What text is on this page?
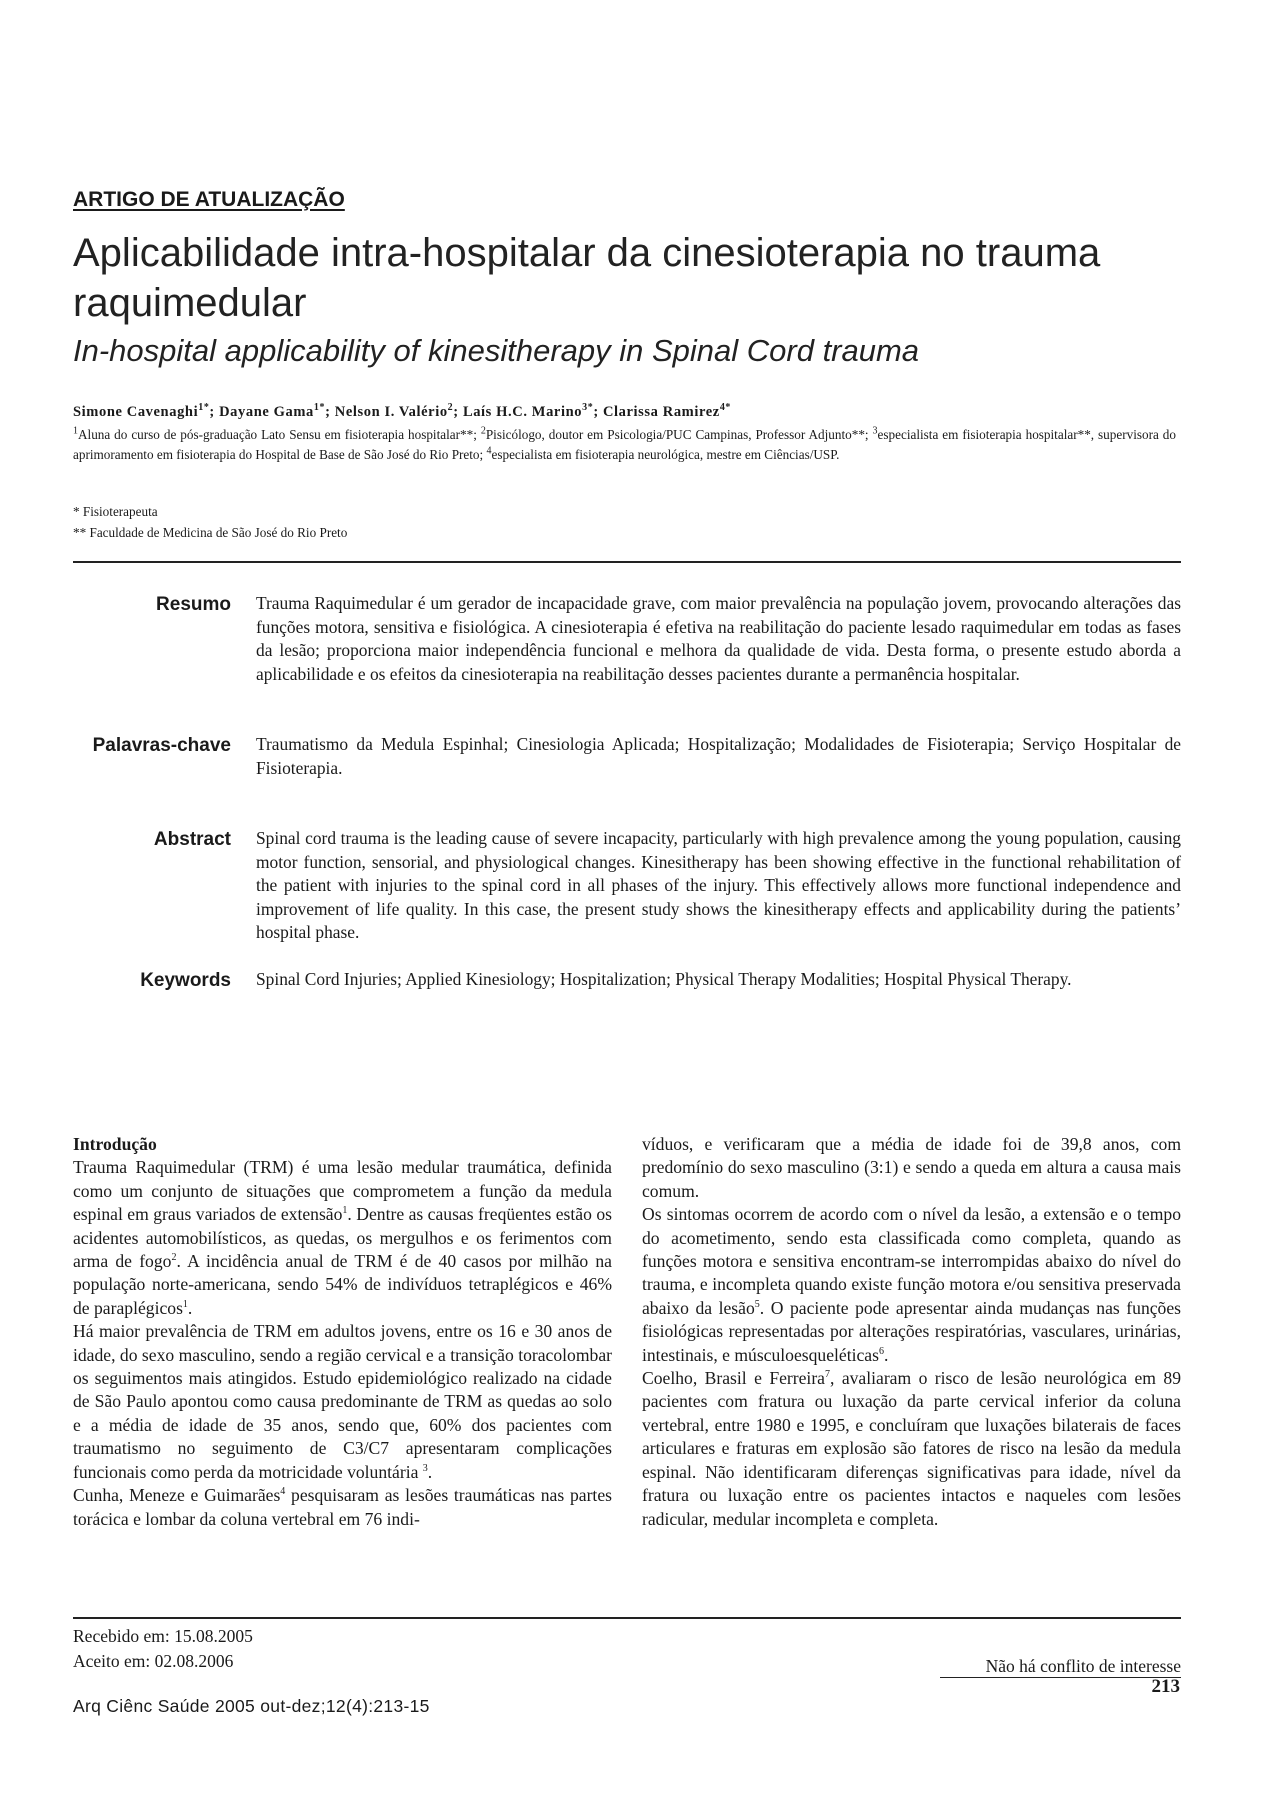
ARTIGO DE ATUALIZAÇÃO
Aplicabilidade intra-hospitalar da cinesioterapia no trauma raquimedular
In-hospital applicability of kinesitherapy in Spinal Cord trauma
Simone Cavenaghi$^{1*}$; Dayane Gama$^{1*}$; Nelson I. Valério$^2$; Laís H.C. Marino$^{3*}$; Clarissa Ramirez$^{4*}$
$^1$Aluna do curso de pós-graduação Lato Sensu em fisioterapia hospitalar**; $^2$Pisicólogo, doutor em Psicologia/PUC Campinas, Professor Adjunto**; $^3$especialista em fisioterapia hospitalar**, supervisora do aprimoramento em fisioterapia do Hospital de Base de São José do Rio Preto; $^4$especialista em fisioterapia neurológica, mestre em Ciências/USP.
* Fisioterapeuta
** Faculdade de Medicina de São José do Rio Preto
Resumo Trauma Raquimedular é um gerador de incapacidade grave, com maior prevalência na população jovem, provocando alterações das funções motora, sensitiva e fisiológica. A cinesioterapia é efetiva na reabilitação do paciente lesado raquimedular em todas as fases da lesão; proporciona maior independência funcional e melhora da qualidade de vida. Desta forma, o presente estudo aborda a aplicabilidade e os efeitos da cinesioterapia na reabilitação desses pacientes durante a permanência hospitalar.
Palavras-chave Traumatismo da Medula Espinhal; Cinesiologia Aplicada; Hospitalização; Modalidades de Fisioterapia; Serviço Hospitalar de Fisioterapia.
Abstract Spinal cord trauma is the leading cause of severe incapacity, particularly with high prevalence among the young population, causing motor function, sensorial, and physiological changes. Kinesitherapy has been showing effective in the functional rehabilitation of the patient with injuries to the spinal cord in all phases of the injury. This effectively allows more functional independence and improvement of life quality. In this case, the present study shows the kinesitherapy effects and applicability during the patients’ hospital phase.
Keywords Spinal Cord Injuries; Applied Kinesiology; Hospitalization; Physical Therapy Modalities; Hospital Physical Therapy.

Introdução

Trauma Raquimedular (TRM) é uma lesão medular traumática, definida como um conjunto de situações que comprometem a função da medula espinal em graus variados de extensão$^1$. Dentre as causas freqüentes estão os acidentes automobilísticos, as quedas, os mergulhos e os ferimentos com arma de fogo$^2$. A incidência anual de TRM é de 40 casos por milhão na população norte-americana, sendo 54% de indivíduos tetraplégicos e 46% de paraplégicos$^1$.

Há maior prevalência de TRM em adultos jovens, entre os 16 e 30 anos de idade, do sexo masculino, sendo a região cervical e a transição toracolombar os seguimentos mais atingidos. Estudo epidemiológico realizado na cidade de São Paulo apontou como causa predominante de TRM as quedas ao solo e a média de idade de 35 anos, sendo que, 60% dos pacientes com traumatismo no seguimento de C3/C7 apresentaram complicações funcionais como perda da motricidade voluntária $^3$.

Cunha, Meneze e Guimarães$^4$ pesquisaram as lesões traumáticas nas partes torácica e lombar da coluna vertebral em 76 indi-

víduos, e verificaram que a média de idade foi de 39,8 anos, com predomínio do sexo masculino (3:1) e sendo a queda em altura a causa mais comum.

Os sintomas ocorrem de acordo com o nível da lesão, a extensão e o tempo do acometimento, sendo esta classificada como completa, quando as funções motora e sensitiva encontram-se interrompidas abaixo do nível do trauma, e incompleta quando existe função motora e/ou sensitiva preservada abaixo da lesão$^5$. O paciente pode apresentar ainda mudanças nas funções fisiológicas representadas por alterações respiratórias, vasculares, urinárias, intestinais, e músculoesqueléticas$^6$.

Coelho, Brasil e Ferreira$^7$, avaliaram o risco de lesão neurológica em 89 pacientes com fratura ou luxação da parte cervical inferior da coluna vertebral, entre 1980 e 1995, e concluíram que luxações bilaterais de faces articulares e fraturas em explosão são fatores de risco na lesão da medula espinal. Não identificaram diferenças significativas para idade, nível da fratura ou luxação entre os pacientes intactos e naqueles com lesões radicular, medular incompleta e completa.

Recebido em: 15.08.2005
Aceito em: 02.08.2006	Não há conflito de interesse
213
Arq Ciênc Saúde 2005 out-dez;12(4):213-15
